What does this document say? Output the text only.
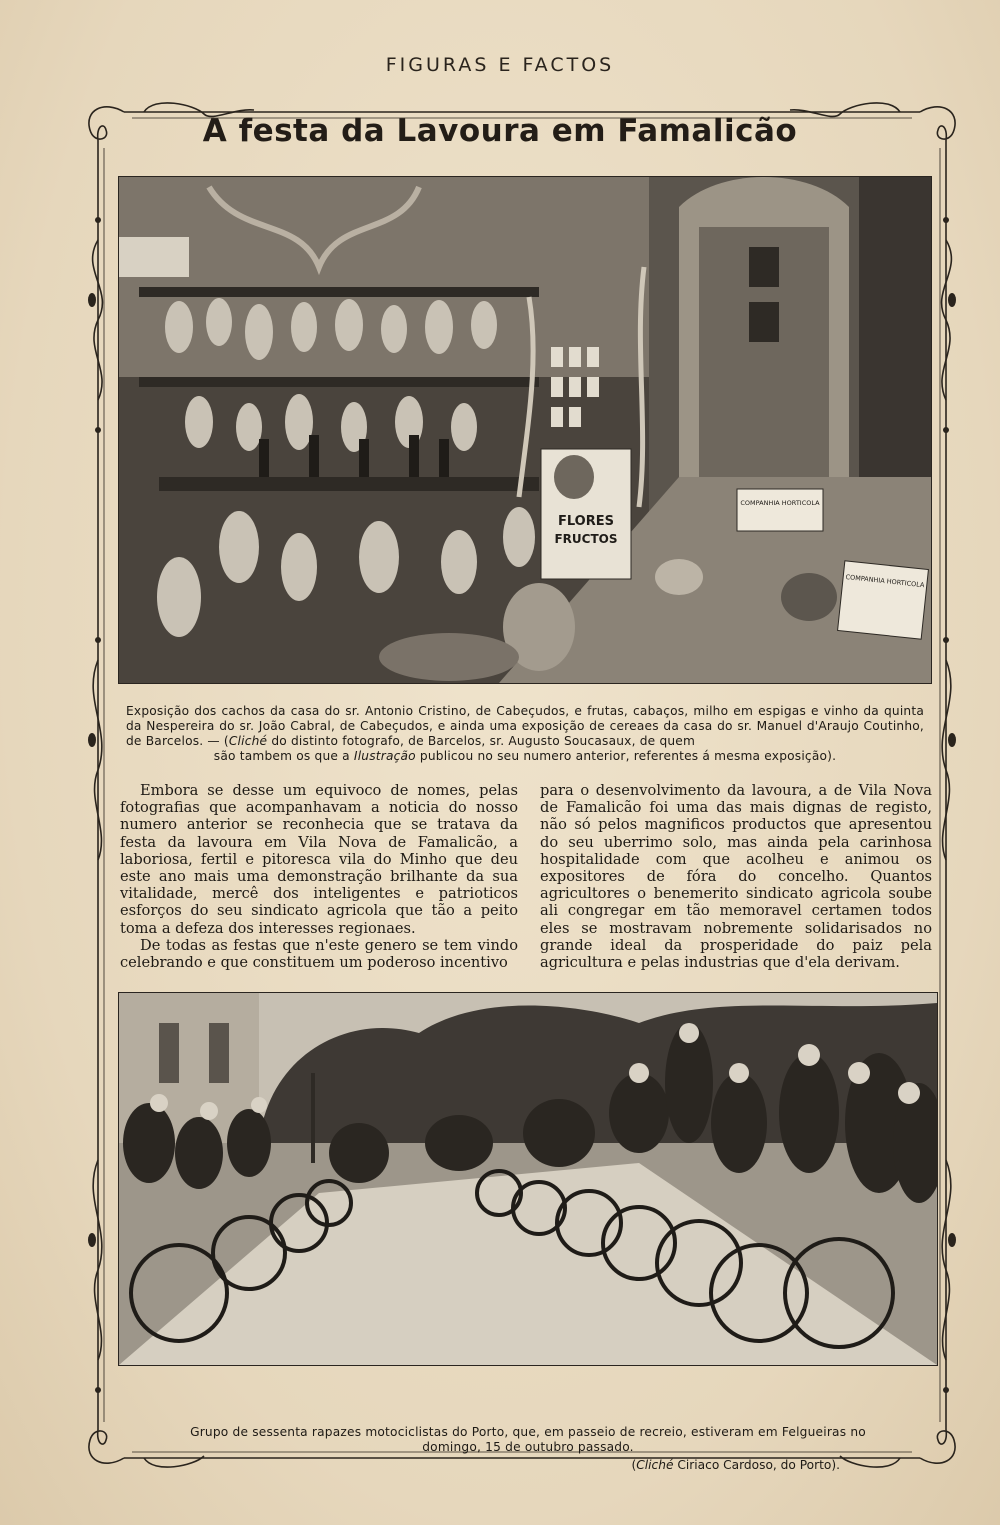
FIGURAS E FACTOS
A festa da Lavoura em Famalicão
FLORES
FRUCTOS
COMPANHIA HORTICOLA
COMPANHIA HORTICOLA
Exposição dos cachos da casa do sr. Antonio Cristino, de Cabeçudos, e frutas, cabaços, milho em espigas e vinho da quinta da Nespereira do sr. João Cabral, de Cabeçudos, e ainda uma exposição de cereaes da casa do sr. Manuel d'Araujo Coutinho, de Barcelos. — (Cliché do distinto fotografo, de Barcelos, sr. Augusto Soucasaux, de quem
são tambem os que a Ilustração publicou no seu numero anterior, referentes á mesma exposição).

Embora se desse um equivoco de nomes, pelas fotografias que acompanhavam a noticia do nosso numero anterior se reconhecia que se tratava da festa da lavoura em Vila Nova de Famalicão, a laboriosa, fertil e pitoresca vila do Minho que deu este ano mais uma demonstração brilhante da sua vitalidade, mercê dos inteligentes e patrioticos esforços do seu sindicato agricola que tão a peito toma a defeza dos interesses regionaes.

De todas as festas que n'este genero se tem vindo celebrando e que constituem um poderoso incentivo

para o desenvolvimento da lavoura, a de Vila Nova de Famalicão foi uma das mais dignas de registo, não só pelos magnificos productos que apresentou do seu uberrimo solo, mas ainda pela carinhosa hospitalidade com que acolheu e animou os expositores de fóra do concelho. Quantos agricultores o benemerito sindicato agricola soube ali congregar em tão memoravel certamen todos eles se mostravam nobremente solidarisados no grande ideal da prosperidade do paiz pela agricultura e pelas industrias que d'ela derivam.

Grupo de sessenta rapazes motociclistas do Porto, que, em passeio de recreio, estiveram em Felgueiras no domingo, 15 de outubro passado.
(Cliché Ciriaco Cardoso, do Porto).
